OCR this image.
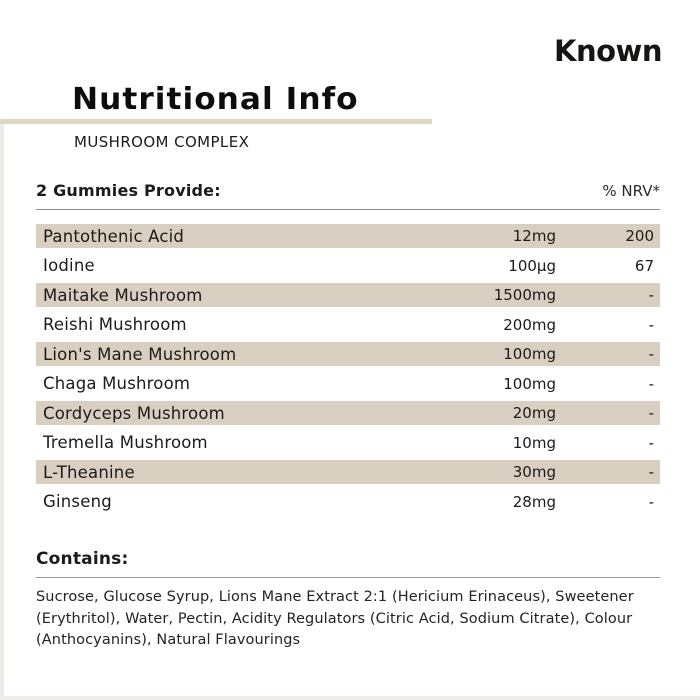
Known
Nutritional Info
MUSHROOM COMPLEX
2 Gummies Provide:	% NRV*
Pantothenic Acid	12mg	200
Iodine	100µg	67
Maitake Mushroom	1500mg	-
Reishi Mushroom	200mg	-
Lion's Mane Mushroom	100mg	-
Chaga Mushroom	100mg	-
Cordyceps Mushroom	20mg	-
Tremella Mushroom	10mg	-
L-Theanine	30mg	-
Ginseng	28mg	-
Contains:
Sucrose, Glucose Syrup, Lions Mane Extract 2:1 (Hericium Erinaceus), Sweetener
(Erythritol), Water, Pectin, Acidity Regulators (Citric Acid, Sodium Citrate), Colour
(Anthocyanins), Natural Flavourings
